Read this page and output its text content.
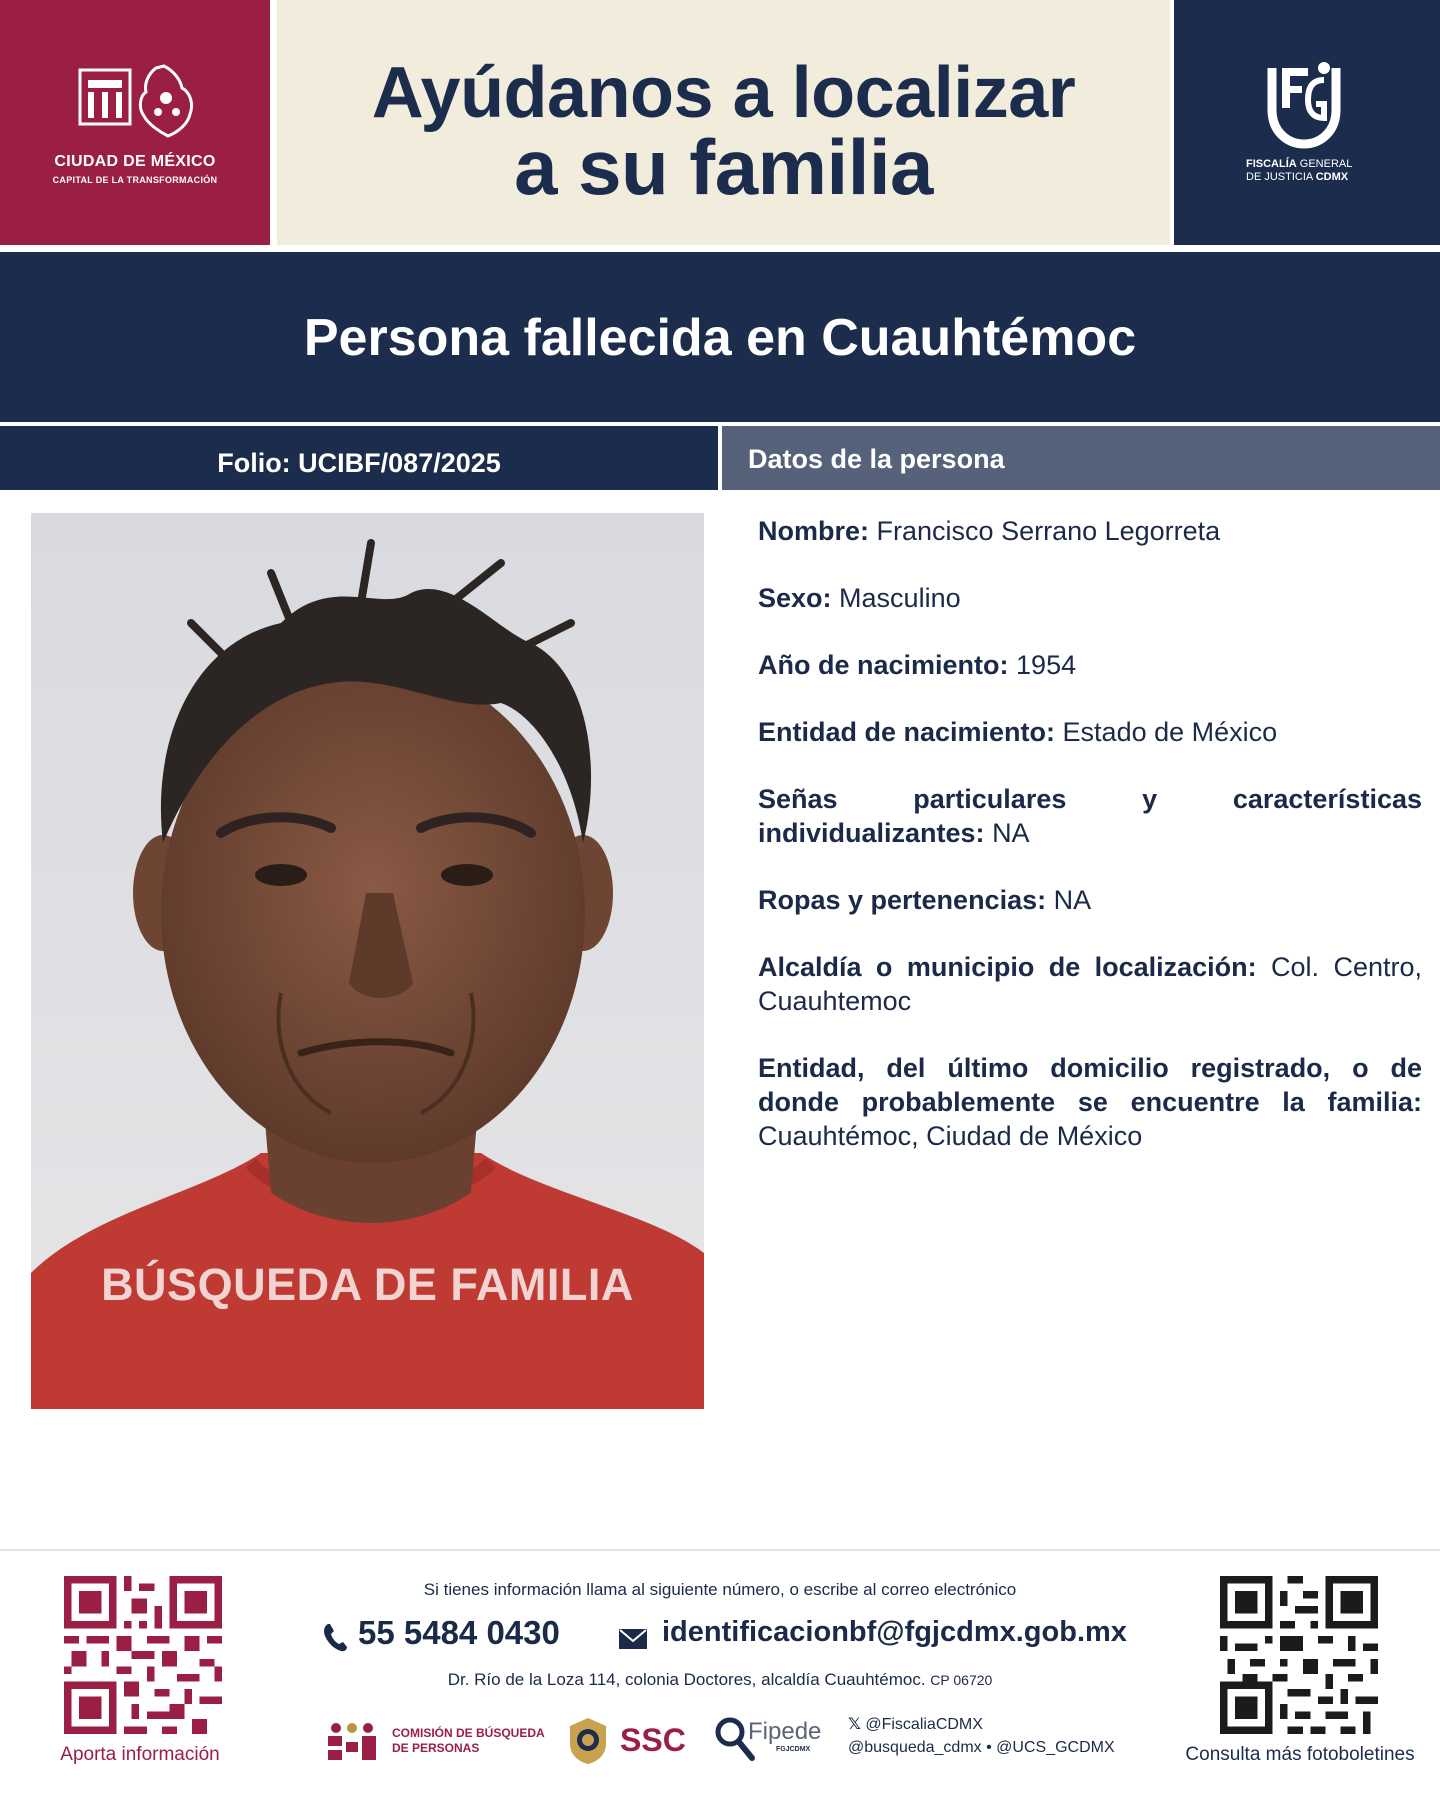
CIUDAD DE MÉXICO
CAPITAL DE LA TRANSFORMACIÓN
Ayúdanos a localizar
a su familia	FISCALÍA GENERAL
DE JUSTICIA CDMX
Persona fallecida en Cuauhtémoc
Folio: UCIBF/087/2025	Datos de la persona
BÚSQUEDA DE FAMILIA
Nombre: Francisco Serrano Legorreta
Sexo: Masculino
Año de nacimiento: 1954
Entidad de nacimiento: Estado de México
Señas particulares y características individualizantes: NA
Ropas y pertenencias: NA
Alcaldía o municipio de localización: Col. Centro, Cuauhtemoc
Entidad, del último domicilio registrado, o de donde probablemente se encuentre la familia: Cuauhtémoc, Ciudad de México
Aporta información
Si tienes información llama al siguiente número, o escribe al correo electrónico
55 5484 0430	identificacionbf@fgjcdmx.gob.mx
Dr. Río de la Loza 114, colonia Doctores, alcaldía Cuauhtémoc. CP 06720
COMISIÓN DE BÚSQUEDA
DE PERSONAS	SSC	Fipede
FGJCDMX
𝕏 @FiscaliaCDMX
@busqueda_cdmx • @UCS_GCDMX	Consulta más fotoboletines
